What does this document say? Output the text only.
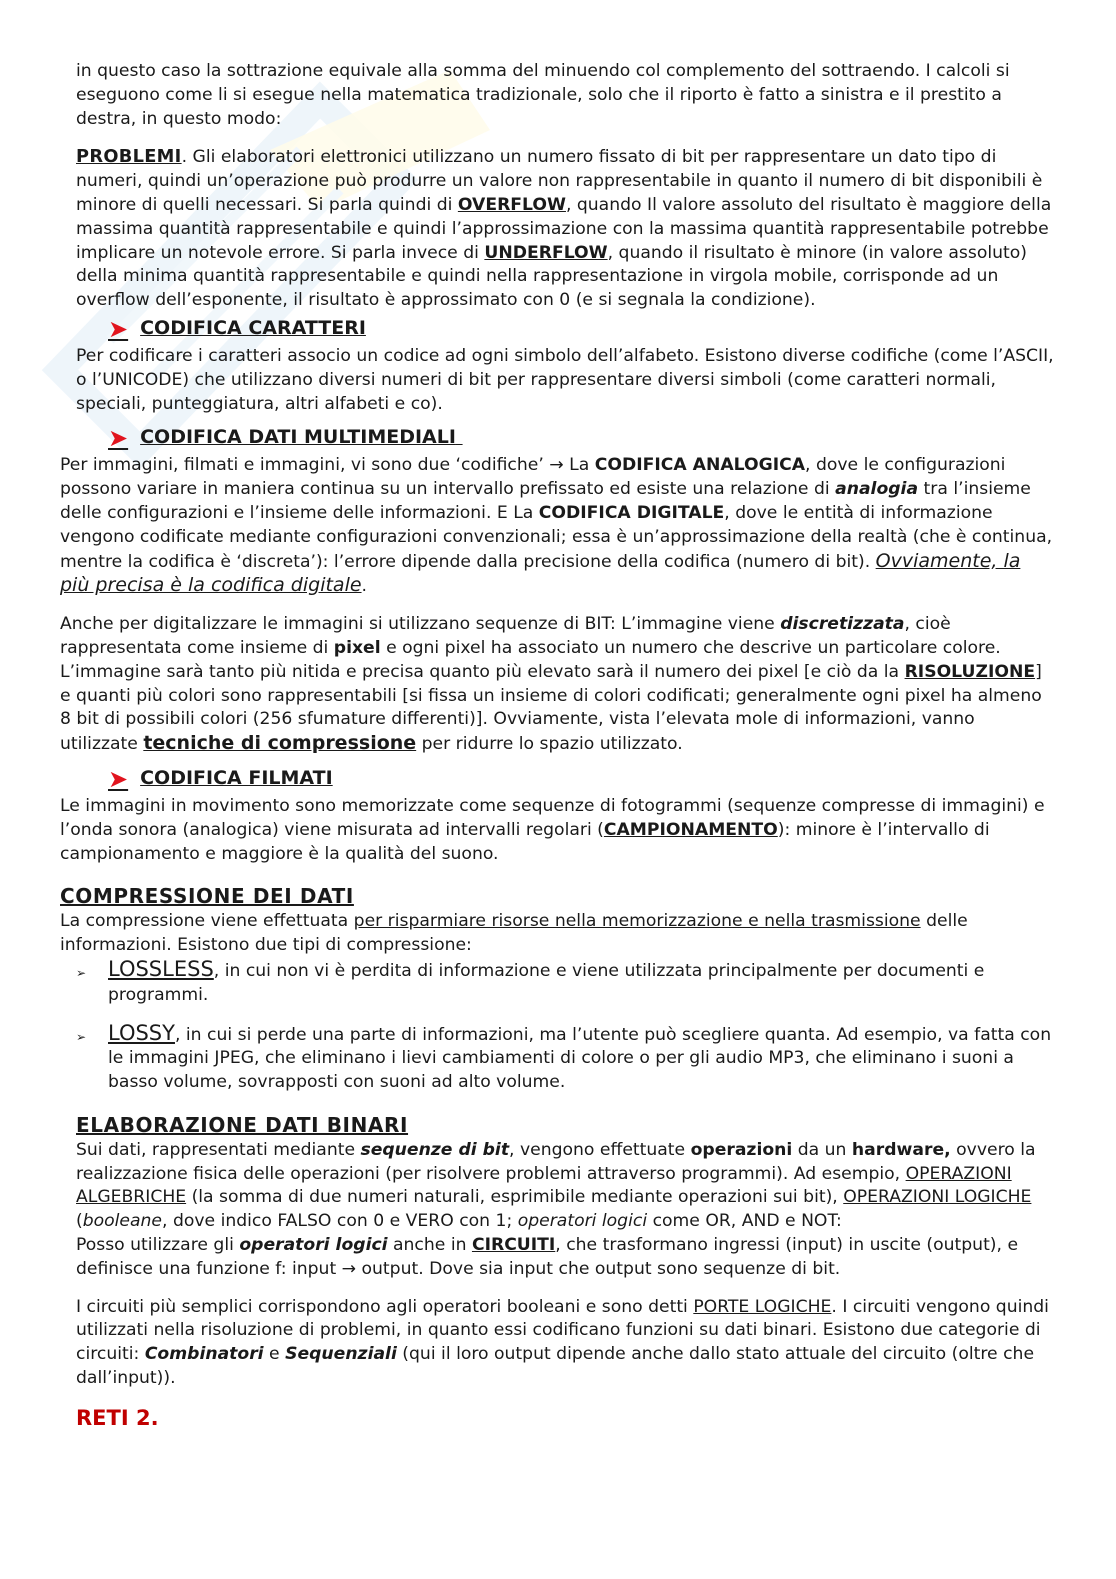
in questo caso la sottrazione equivale alla somma del minuendo col complemento del sottraendo. I calcoli si eseguono come li si esegue nella matematica tradizionale, solo che il riporto è fatto a sinistra e il prestito a destra, in questo modo:

PROBLEMI. Gli elaboratori elettronici utilizzano un numero fissato di bit per rappresentare un dato tipo di numeri, quindi un’operazione può produrre un valore non rappresentabile in quanto il numero di bit disponibili è minore di quelli necessari. Si parla quindi di OVERFLOW, quando Il valore assoluto del risultato è maggiore della massima quantità rappresentabile e quindi l’approssimazione con la massima quantità rappresentabile potrebbe implicare un notevole errore. Si parla invece di UNDERFLOW, quando il risultato è minore (in valore assoluto) della minima quantità rappresentabile e quindi nella rappresentazione in virgola mobile, corrisponde ad un overflow dell’esponente, il risultato è approssimato con 0 (e si segnala la condizione).

➤ CODIFICA CARATTERI

Per codificare i caratteri associo un codice ad ogni simbolo dell’alfabeto. Esistono diverse codifiche (come l’ASCII, o l’UNICODE) che utilizzano diversi numeri di bit per rappresentare diversi simboli (come caratteri normali, speciali, punteggiatura, altri alfabeti e co).

➤ CODIFICA DATI MULTIMEDIALI

Per immagini, filmati e immagini, vi sono due ‘codifiche’ → La CODIFICA ANALOGICA, dove le configurazioni possono variare in maniera continua su un intervallo prefissato ed esiste una relazione di analogia tra l’insieme delle configurazioni e l’insieme delle informazioni. E La CODIFICA DIGITALE, dove le entità di informazione vengono codificate mediante configurazioni convenzionali; essa è un’approssimazione della realtà (che è continua, mentre la codifica è ‘discreta’): l’errore dipende dalla precisione della codifica (numero di bit). Ovviamente, la più precisa è la codifica digitale.

Anche per digitalizzare le immagini si utilizzano sequenze di BIT: L’immagine viene discretizzata, cioè rappresentata come insieme di pixel e ogni pixel ha associato un numero che descrive un particolare colore. L’immagine sarà tanto più nitida e precisa quanto più elevato sarà il numero dei pixel [e ciò da la RISOLUZIONE] e quanti più colori sono rappresentabili [si fissa un insieme di colori codificati; generalmente ogni pixel ha almeno 8 bit di possibili colori (256 sfumature differenti)]. Ovviamente, vista l’elevata mole di informazioni, vanno utilizzate tecniche di compressione per ridurre lo spazio utilizzato.

➤ CODIFICA FILMATI

Le immagini in movimento sono memorizzate come sequenze di fotogrammi (sequenze compresse di immagini) e l’onda sonora (analogica) viene misurata ad intervalli regolari (CAMPIONAMENTO): minore è l’intervallo di campionamento e maggiore è la qualità del suono.

COMPRESSIONE DEI DATI

La compressione viene effettuata per risparmiare risorse nella memorizzazione e nella trasmissione delle informazioni. Esistono due tipi di compressione:

➢	LOSSLESS, in cui non vi è perdita di informazione e viene utilizzata principalmente per documenti e programmi.

➢	LOSSY, in cui si perde una parte di informazioni, ma l’utente può scegliere quanta. Ad esempio, va fatta con le immagini JPEG, che eliminano i lievi cambiamenti di colore o per gli audio MP3, che eliminano i suoni a basso volume, sovrapposti con suoni ad alto volume.

ELABORAZIONE DATI BINARI

Sui dati, rappresentati mediante sequenze di bit, vengono effettuate operazioni da un hardware, ovvero la realizzazione fisica delle operazioni (per risolvere problemi attraverso programmi). Ad esempio, OPERAZIONI ALGEBRICHE (la somma di due numeri naturali, esprimibile mediante operazioni sui bit), OPERAZIONI LOGICHE (booleane, dove indico FALSO con 0 e VERO con 1; operatori logici come OR, AND e NOT:

Posso utilizzare gli operatori logici anche in CIRCUITI, che trasformano ingressi (input) in uscite (output), e definisce una funzione f: input → output. Dove sia input che output sono sequenze di bit.

I circuiti più semplici corrispondono agli operatori booleani e sono detti PORTE LOGICHE. I circuiti vengono quindi utilizzati nella risoluzione di problemi, in quanto essi codificano funzioni su dati binari. Esistono due categorie di circuiti: Combinatori e Sequenziali (qui il loro output dipende anche dallo stato attuale del circuito (oltre che dall’input)).

RETI 2.
